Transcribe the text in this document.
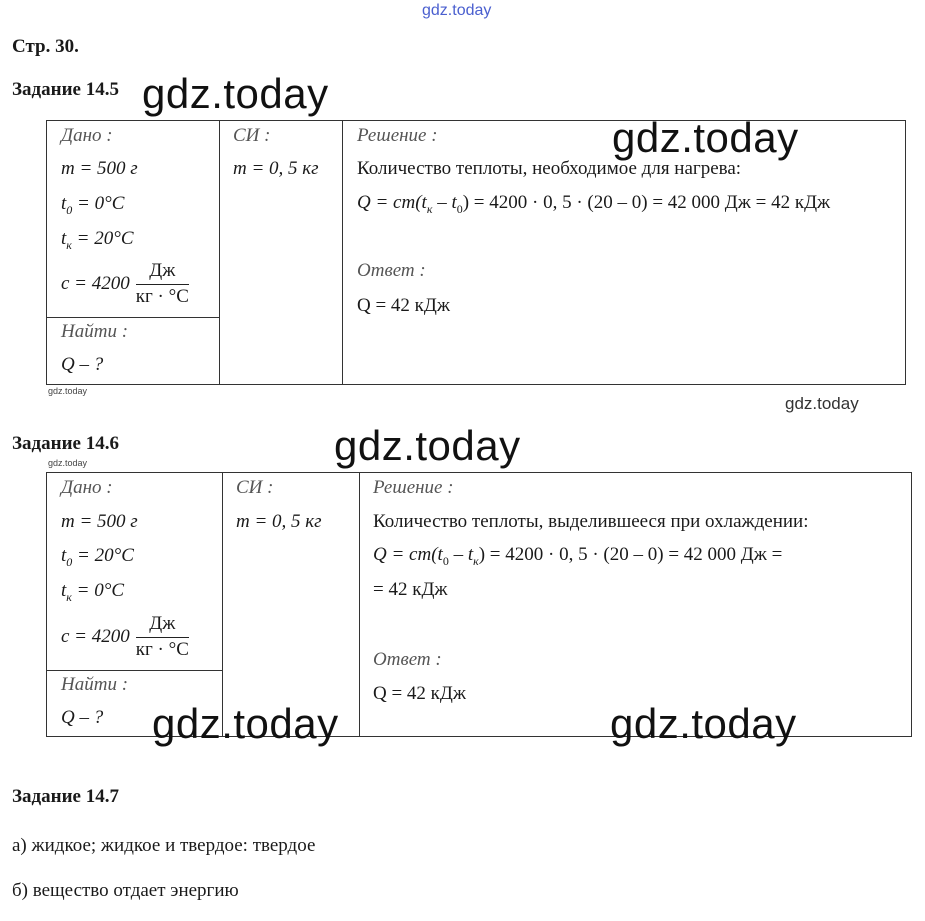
gdz.today
Стр. 30.
Задание 14.5 gdz.today
Дано :
m = 500 г
$t_0 = 0^\circ C$
$t_к = 20^\circ C$
$c = 4200 \frac{Дж}{кг \cdot ^\circ С}$
Найти :
Q – ?
СИ :
m = 0, 5 кг
Решение :
Количество теплоты, необходимое для нагрева:
$Q = cm(t_к - t_0) = 4200 \cdot 0$, 5 · (20 – 0) = 42 000 Дж = 42 кДж
Ответ :
Q = 42 кДж
gdz.today
gdz.today
gdz.today
Задание 14.6	gdz.today
gdz.today
Дано :
m = 500 г
$t_0 = 20^\circ C$
$t_к = 0^\circ C$
$c = 4200 \frac{Дж}{кг \cdot ^\circ С}$
Найти :
Q – ?
СИ :
m = 0, 5 кг
Решение :
Количество теплоты, выделившееся при охлаждении:
$Q = cm(t_0 - t_к) = 4200 \cdot 0$, 5 · (20 – 0) = 42 000 Дж =
= 42 кДж
Ответ :
Q = 42 кДж
gdz.today	gdz.today
Задание 14.7
а) жидкое; жидкое и твердое: твердое
б) вещество отдает энергию
